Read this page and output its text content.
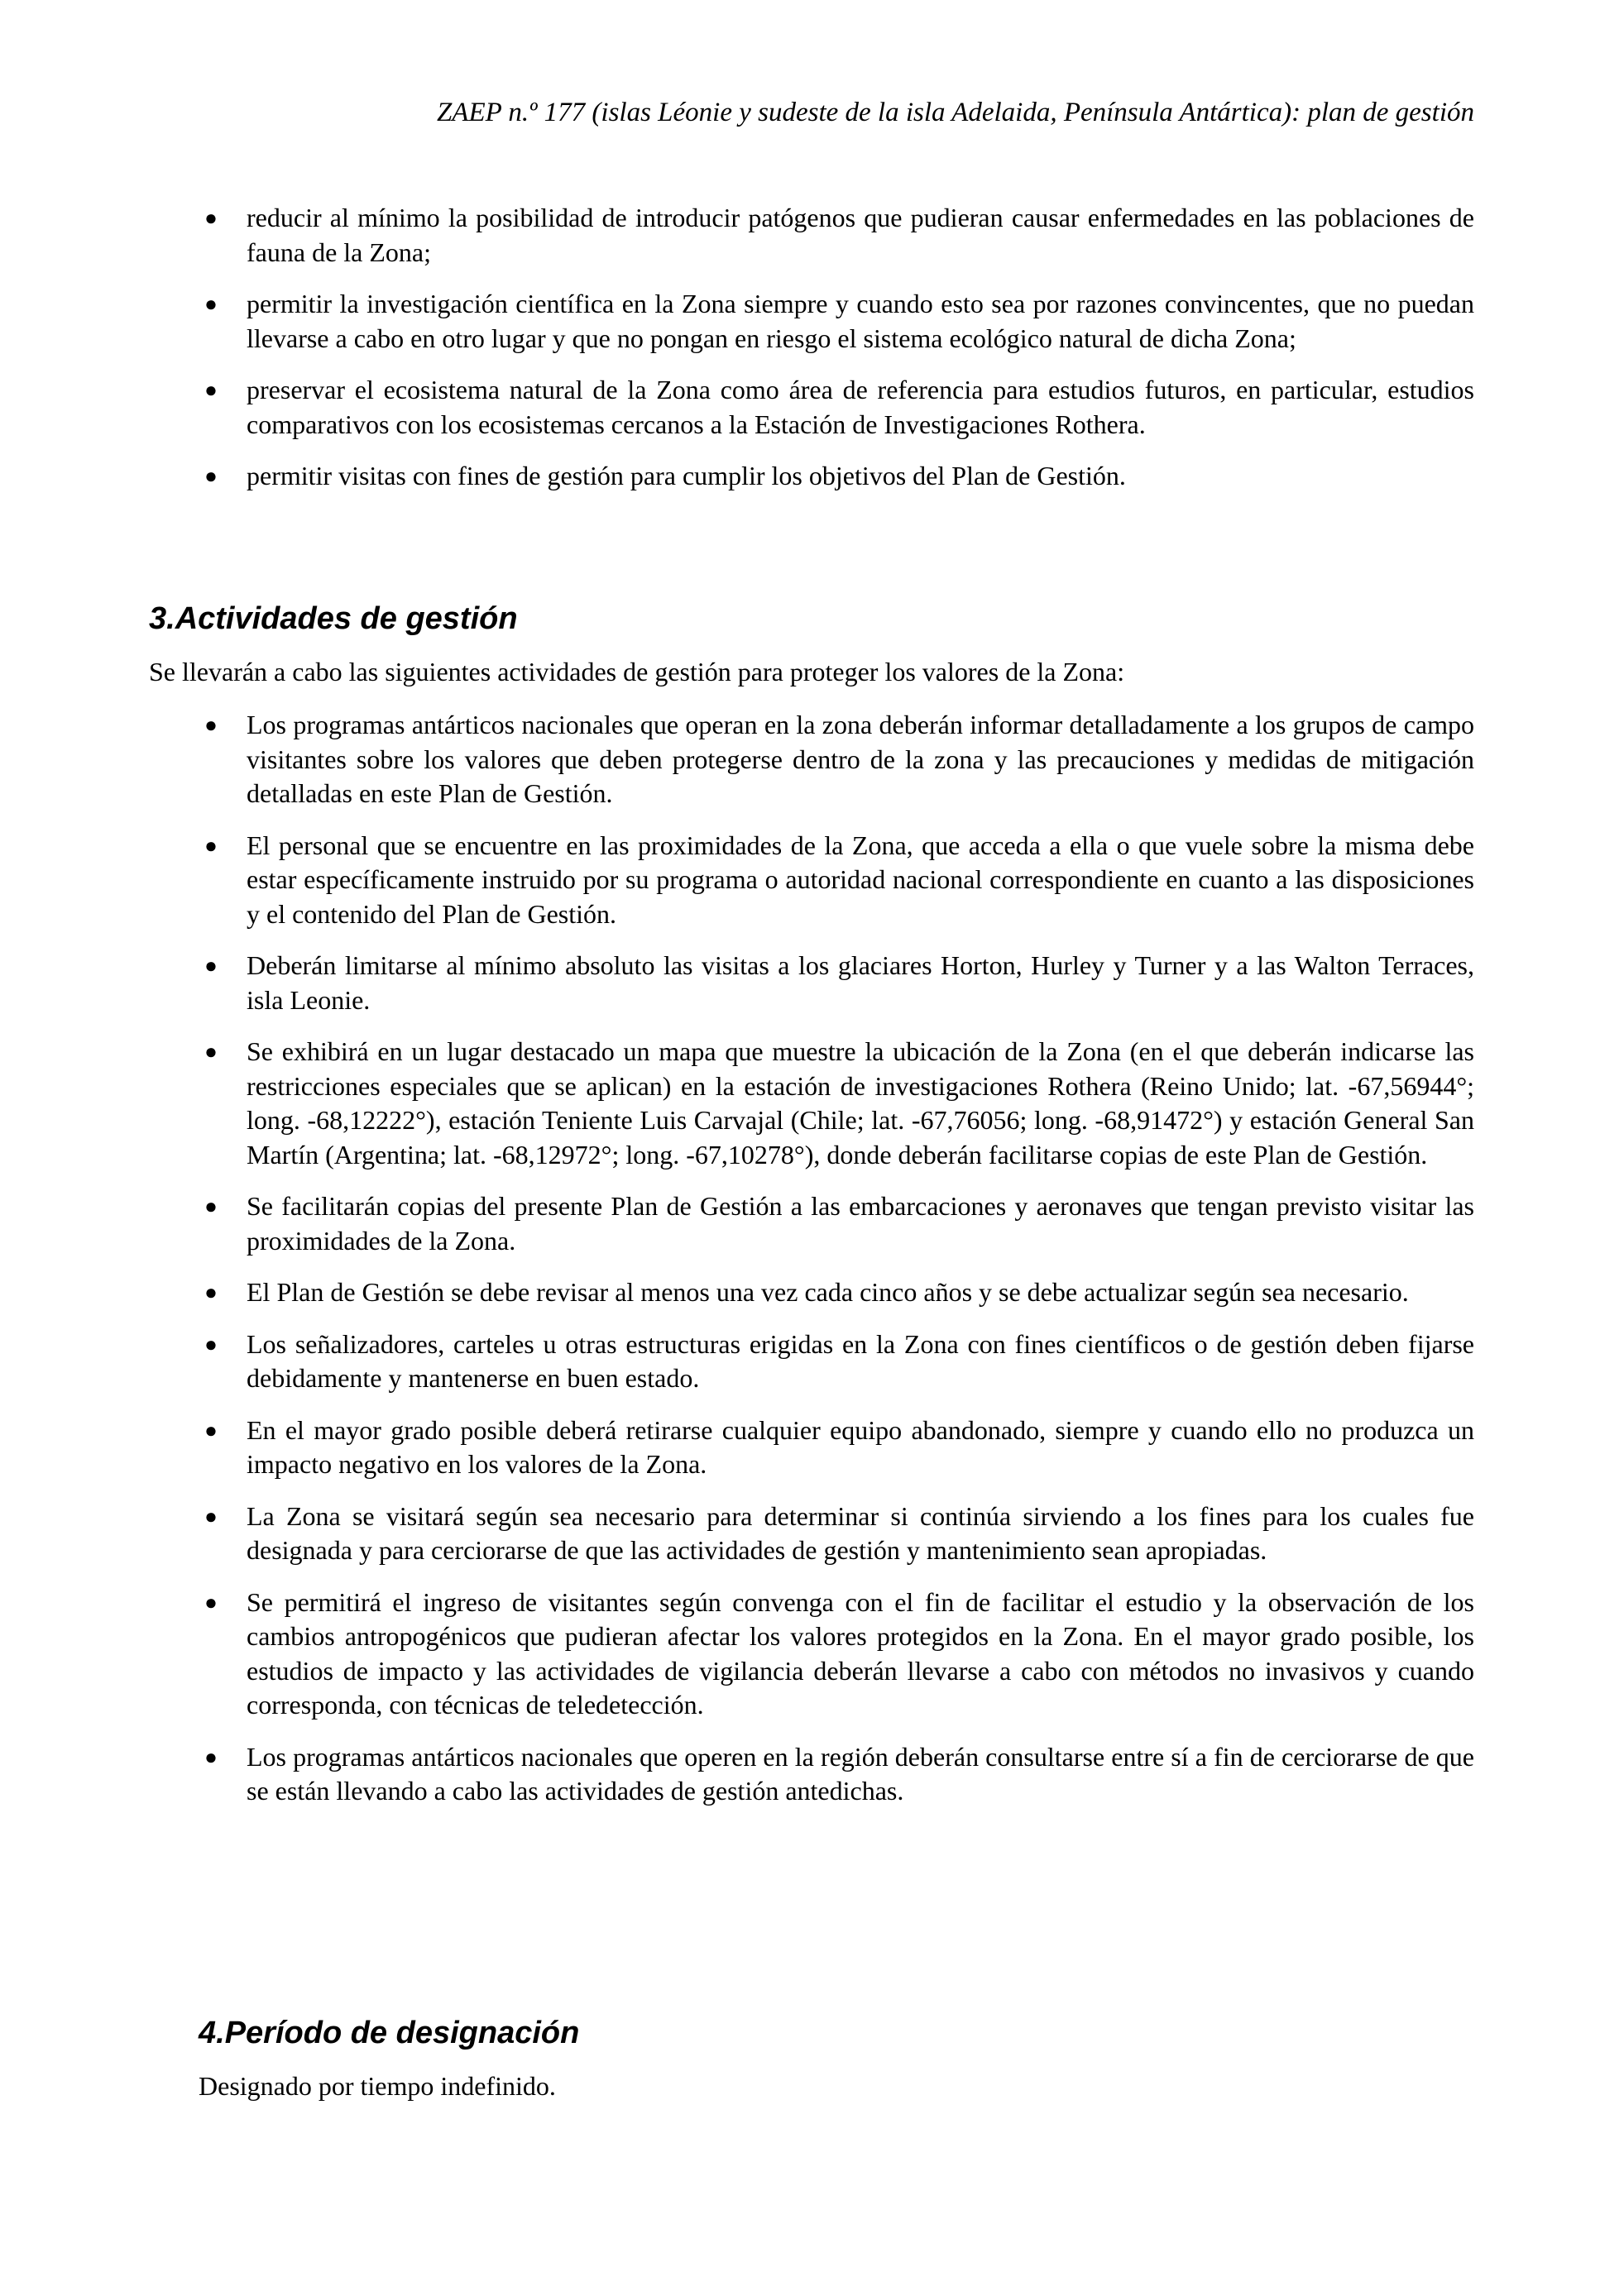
ZAEP n.º 177 (islas Léonie y sudeste de la isla Adelaida, Península Antártica): plan de gestión
● reducir al mínimo la posibilidad de introducir patógenos que pudieran causar enfermedades en las poblaciones de fauna de la Zona;
● permitir la investigación científica en la Zona siempre y cuando esto sea por razones convincentes, que no puedan llevarse a cabo en otro lugar y que no pongan en riesgo el sistema ecológico natural de dicha Zona;
● preservar el ecosistema natural de la Zona como área de referencia para estudios futuros, en particular, estudios comparativos con los ecosistemas cercanos a la Estación de Investigaciones Rothera.
● permitir visitas con fines de gestión para cumplir los objetivos del Plan de Gestión.
3.Actividades de gestión

Se llevarán a cabo las siguientes actividades de gestión para proteger los valores de la Zona:

● Los programas antárticos nacionales que operan en la zona deberán informar detalladamente a los grupos de campo visitantes sobre los valores que deben protegerse dentro de la zona y las precauciones y medidas de mitigación detalladas en este Plan de Gestión.
● El personal que se encuentre en las proximidades de la Zona, que acceda a ella o que vuele sobre la misma debe estar específicamente instruido por su programa o autoridad nacional correspondiente en cuanto a las disposiciones y el contenido del Plan de Gestión.
● Deberán limitarse al mínimo absoluto las visitas a los glaciares Horton, Hurley y Turner y a las Walton Terraces, isla Leonie.
● Se exhibirá en un lugar destacado un mapa que muestre la ubicación de la Zona (en el que deberán indicarse las restricciones especiales que se aplican) en la estación de investigaciones Rothera (Reino Unido; lat. -67,56944°; long. -68,12222°), estación Teniente Luis Carvajal (Chile; lat. -67,76056; long. -68,91472°) y estación General San Martín (Argentina; lat. -68,12972°; long. -67,10278°), donde deberán facilitarse copias de este Plan de Gestión.
● Se facilitarán copias del presente Plan de Gestión a las embarcaciones y aeronaves que tengan previsto visitar las proximidades de la Zona.
● El Plan de Gestión se debe revisar al menos una vez cada cinco años y se debe actualizar según sea necesario.
● Los señalizadores, carteles u otras estructuras erigidas en la Zona con fines científicos o de gestión deben fijarse debidamente y mantenerse en buen estado.
● En el mayor grado posible deberá retirarse cualquier equipo abandonado, siempre y cuando ello no produzca un impacto negativo en los valores de la Zona.
● La Zona se visitará según sea necesario para determinar si continúa sirviendo a los fines para los cuales fue designada y para cerciorarse de que las actividades de gestión y mantenimiento sean apropiadas.
● Se permitirá el ingreso de visitantes según convenga con el fin de facilitar el estudio y la observación de los cambios antropogénicos que pudieran afectar los valores protegidos en la Zona. En el mayor grado posible, los estudios de impacto y las actividades de vigilancia deberán llevarse a cabo con métodos no invasivos y cuando corresponda, con técnicas de teledetección.
● Los programas antárticos nacionales que operen en la región deberán consultarse entre sí a fin de cerciorarse de que se están llevando a cabo las actividades de gestión antedichas.
4.Período de designación

Designado por tiempo indefinido.
